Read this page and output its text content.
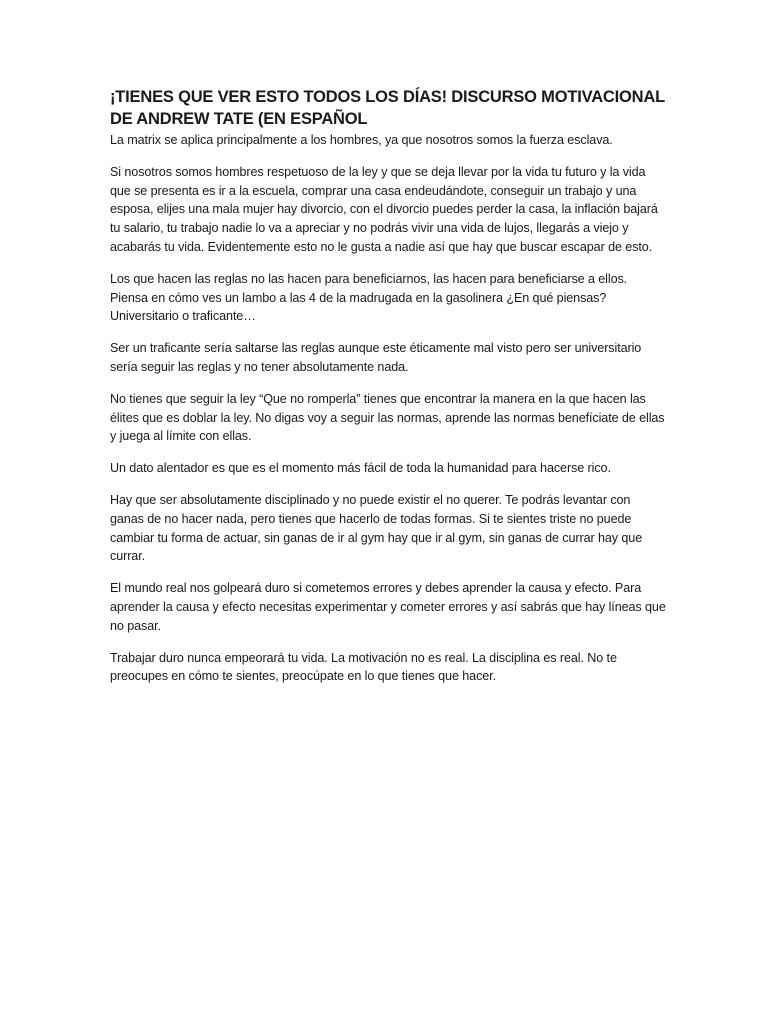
¡TIENES QUE VER ESTO TODOS LOS DÍAS! DISCURSO MOTIVACIONAL DE ANDREW TATE (EN ESPAÑOL

La matrix se aplica principalmente a los hombres, ya que nosotros somos la fuerza esclava.

Si nosotros somos hombres respetuoso de la ley y que se deja llevar por la vida tu futuro y la vida que se presenta es ir a la escuela, comprar una casa endeudándote, conseguir un trabajo y una esposa, elijes una mala mujer hay divorcio, con el divorcio puedes perder la casa, la inflación bajará tu salario, tu trabajo nadie lo va a apreciar y no podrás vivir una vida de lujos, llegarás a viejo y acabarás tu vida. Evidentemente esto no le gusta a nadie así que hay que buscar escapar de esto.

Los que hacen las reglas no las hacen para beneficiarnos, las hacen para beneficiarse a ellos. Piensa en cómo ves un lambo a las 4 de la madrugada en la gasolinera ¿En qué piensas? Universitario o traficante…

Ser un traficante sería saltarse las reglas aunque este éticamente mal visto pero ser universitario sería seguir las reglas y no tener absolutamente nada.

No tienes que seguir la ley “Que no romperla” tienes que encontrar la manera en la que hacen las élites que es doblar la ley. No digas voy a seguir las normas, aprende las normas benefíciate de ellas y juega al límite con ellas.

Un dato alentador es que es el momento más fácil de toda la humanidad para hacerse rico.

Hay que ser absolutamente disciplinado y no puede existir el no querer. Te podrás levantar con ganas de no hacer nada, pero tienes que hacerlo de todas formas. Si te sientes triste no puede cambiar tu forma de actuar, sin ganas de ir al gym hay que ir al gym, sin ganas de currar hay que currar.

El mundo real nos golpeará duro si cometemos errores y debes aprender la causa y efecto. Para aprender la causa y efecto necesitas experimentar y cometer errores y así sabrás que hay líneas que no pasar.

Trabajar duro nunca empeorará tu vida. La motivación no es real. La disciplina es real. No te preocupes en cómo te sientes, preocúpate en lo que tienes que hacer.
